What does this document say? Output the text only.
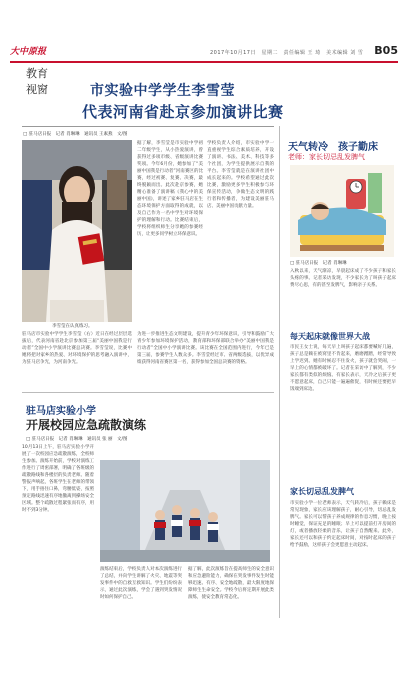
大中原报	2017年10月17日　星期二　责任编辑 王 琦　美术编辑 刘 雪 B05
教育
视窗	市实验中学学生李雪莹
代表河南省赴京参加演讲比赛
□ 驻马店日报　记者 肖琳琳　通讯员 王素燕　文/图
李雪莹在认真练习。
驻马店市实验中学学生李雪莹（右）近日在经过层层选拔后，代表河南省赴北京参加第三届“美丽中国我是行动者”全国中小学演讲比赛总决赛。李雪莹说，比赛中她将把对家乡的热爱、对环境保护的思考融入演讲中，为驻马店争光，为河南争光。
为进一步推进生态文明建设，提升青少年环保意识，引导和鼓励广大青少年参加环境保护活动，教育部和环保部联合举办“美丽中国我是行动者”全国中小学演讲比赛。该比赛在全国范围内进行，今年已是第三届，参赛学生人数众多。李雪莹经过市、省两级选拔，以优异成绩获得河南省赛区第一名，获得参加全国总决赛的资格。
据了解，李雪莹是市实验中学初二年级学生，从小热爱演讲，曾获得过多项市级、省级演讲比赛奖项。今年6月份，她参加了“美丽中国我是行动者”河南赛区的比赛，经过初赛、复赛、决赛，最终脱颖而出。此次赴京参赛，她精心准备了演讲稿《我心中的美丽中国》，讲述了家乡驻马店在生态环境保护方面取得的成就，以及自己作为一名中学生对环境保护的理解和行动。比赛结束后，学校将组织师生分享她的参赛经历，让更多同学树立环保意识。
学校负责人介绍，市实验中学一直重视学生综合素质培养，开设了演讲、书法、美术、科技等多个社团，为学生提供展示自我的平台。李雪莹就是在演讲社团中成长起来的。学校希望通过此次比赛，激励更多学生积极参与环保宣传活动，争做生态文明的践行者和传播者，为建设美丽驻马店、美丽中国贡献力量。
天气转冷　孩子勤床
老师：家长切忌乱发脾气
□ 驻马店日报　记者 肖琳琳
入秋以来，天气渐凉，早晨起床成了不少孩子和家长头疼的事。记者采访发现，不少家长为了叫孩子起床费尽心思，有的甚至发脾气，影响亲子关系。
每天起床就像世界大战
市民王女士说，每天早上叫孩子起床都要喊好几遍，孩子总是赖在被窝里不肯起来，磨磨蹭蹭，经常导致上学迟到。她有时候忍不住发火，孩子就会哭闹，一早上的心情都被破坏了。记者在采访中了解到，不少家长都有类似的烦恼。有家长表示，天冷之后孩子更不愿意起床，自己只能一遍遍催促，有时候还要把早饭端到床边。
家长切忌乱发脾气
市实验小学一位老师表示，天气转冷后，孩子赖床是常见现象，家长应该理解孩子，耐心引导，切忌乱发脾气。家长可以帮孩子养成规律的作息习惯，晚上按时睡觉，保证充足的睡眠；早上可以提前打开房间的灯，或者播放轻柔的音乐，让孩子自然醒来。此外，家长还可以和孩子约定起床时间，对按时起床的孩子给予鼓励，这样孩子会更愿意主动起床。
驻马店实验小学
开展校园应急疏散演练
□ 驻马店日报　记者 肖琳琳　通讯员 张 丽　文/图
10月13日上午，驻马店实验小学开展了一次校园应急疏散演练，全校师生参加。演练开始前，学校对演练工作进行了周密部署，明确了各班级的疏散路线和各楼层的负责老师。随着警报声响起，各班学生在老师的带领下，用手捂住口鼻，弯腰低姿，按照预定路线迅速有序地撤离到操场安全区域。整个疏散过程紧张而有序，用时不到3分钟。
演练结束后，学校负责人对本次演练进行了总结，并向学生讲解了火灾、地震等突发事件中的自救互救知识。学生们纷纷表示，通过此次演练，学会了遇到突发情况时如何保护自己。
据了解，此次演练旨在提高师生的安全意识和应急避险能力，确保在突发事件发生时能够迅速、有序、安全地疏散，最大限度地保障师生生命安全。学校今后将定期开展此类演练，使安全教育常态化。
